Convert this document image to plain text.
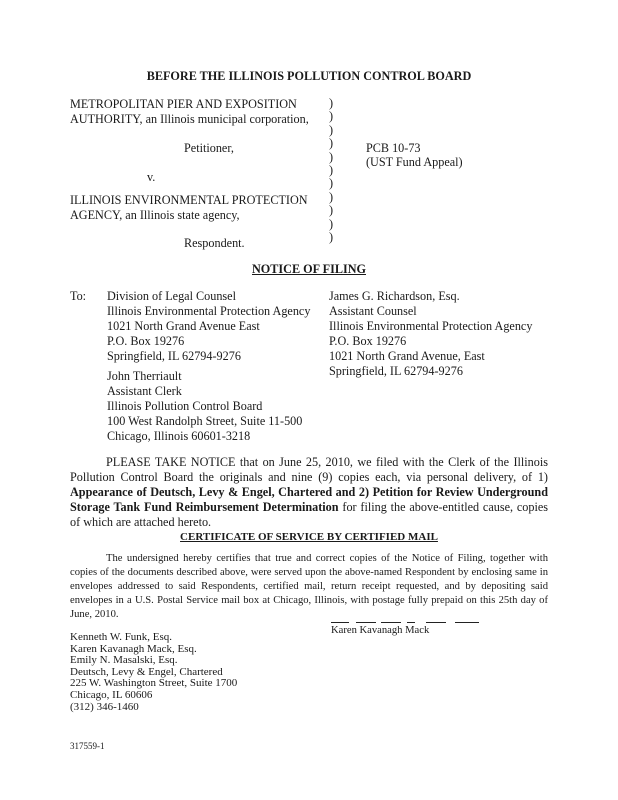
BEFORE THE ILLINOIS POLLUTION CONTROL BOARD
METROPOLITAN PIER AND EXPOSITION
AUTHORITY, an Illinois municipal corporation,
Petitioner,
v.
ILLINOIS ENVIRONMENTAL PROTECTION
AGENCY, an Illinois state agency,
Respondent.
)
)
)
)
)
)
)
)
)
)
)
PCB 10-73
(UST Fund Appeal)
NOTICE OF FILING
To: Division of Legal Counsel
Illinois Environmental Protection Agency
1021 North Grand Avenue East
P.O. Box 19276
Springfield, IL 62794-9276
James G. Richardson, Esq.
Assistant Counsel
Illinois Environmental Protection Agency
P.O. Box 19276
1021 North Grand Avenue, East
Springfield, IL 62794-9276
John Therriault
Assistant Clerk
Illinois Pollution Control Board
100 West Randolph Street, Suite 11-500
Chicago, Illinois 60601-3218
PLEASE TAKE NOTICE that on June 25, 2010, we filed with the Clerk of the Illinois Pollution Control Board the originals and nine (9) copies each, via personal delivery, of 1) Appearance of Deutsch, Levy & Engel, Chartered and 2) Petition for Review Underground Storage Tank Fund Reimbursement Determination for filing the above-entitled cause, copies of which are attached hereto.
CERTIFICATE OF SERVICE BY CERTIFIED MAIL
The undersigned hereby certifies that true and correct copies of the Notice of Filing, together with copies of the documents described above, were served upon the above-named Respondent by enclosing same in envelopes addressed to said Respondents, certified mail, return receipt requested, and by depositing said envelopes in a U.S. Postal Service mail box at Chicago, Illinois, with postage fully prepaid on this 25th day of June, 2010.
Karen Kavanagh Mack
Kenneth W. Funk, Esq.
Karen Kavanagh Mack, Esq.
Emily N. Masalski, Esq.
Deutsch, Levy & Engel, Chartered
225 W. Washington Street, Suite 1700
Chicago, IL 60606
(312) 346-1460
317559-1
